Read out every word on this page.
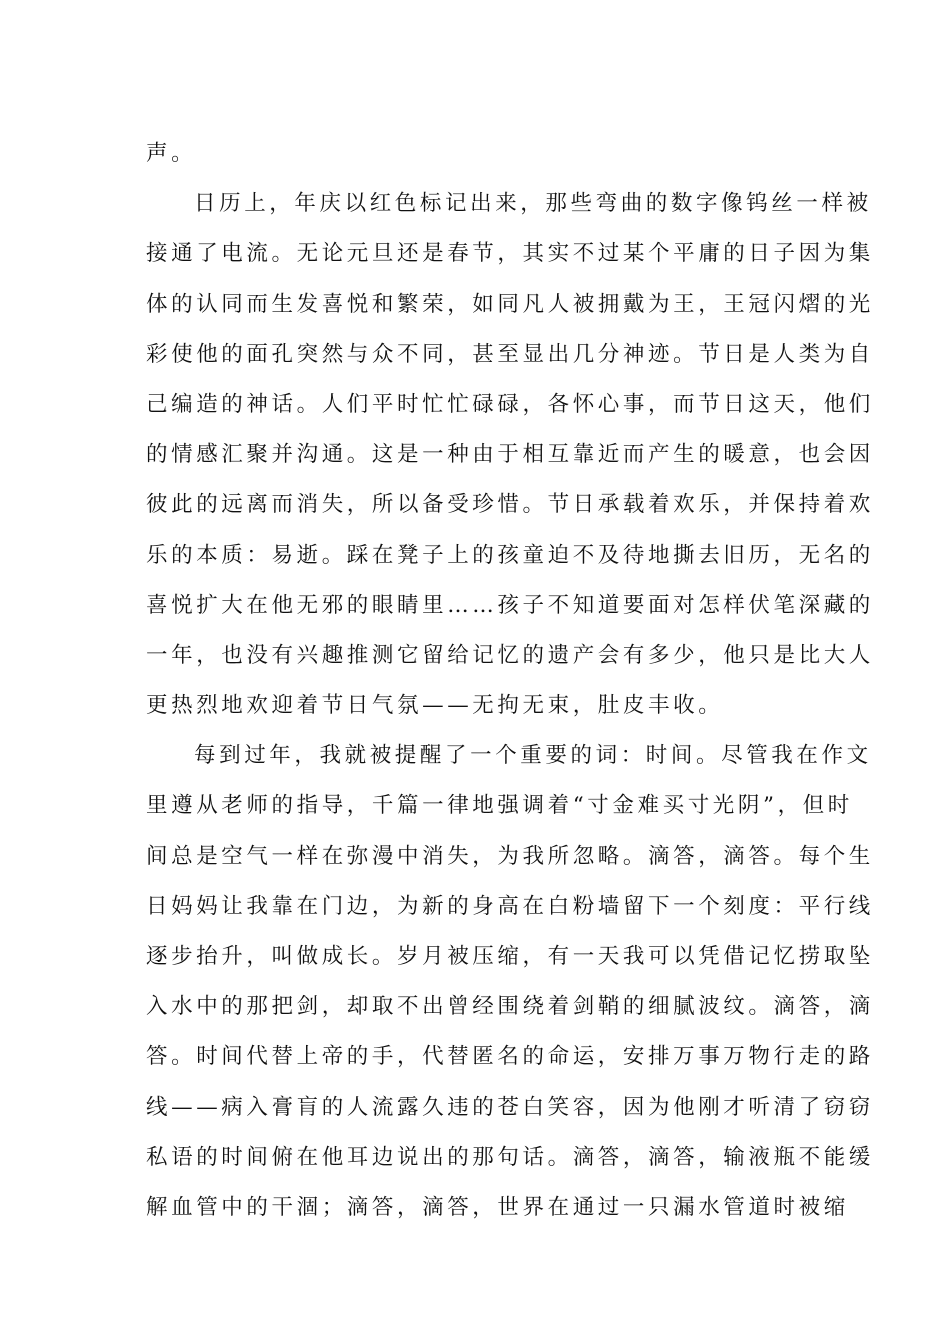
声。
日历上，年庆以红色标记出来，那些弯曲的数字像钨丝一样被
接通了电流。无论元旦还是春节，其实不过某个平庸的日子因为集
体的认同而生发喜悦和繁荣，如同凡人被拥戴为王，王冠闪熠的光
彩使他的面孔突然与众不同，甚至显出几分神迹。节日是人类为自
己编造的神话。人们平时忙忙碌碌，各怀心事，而节日这天，他们
的情感汇聚并沟通。这是一种由于相互靠近而产生的暖意，也会因
彼此的远离而消失，所以备受珍惜。节日承载着欢乐，并保持着欢
乐的本质：易逝。踩在凳子上的孩童迫不及待地撕去旧历，无名的
喜悦扩大在他无邪的眼睛里……孩子不知道要面对怎样伏笔深藏的
一年，也没有兴趣推测它留给记忆的遗产会有多少，他只是比大人
更热烈地欢迎着节日气氛——无拘无束，肚皮丰收。
每到过年，我就被提醒了一个重要的词：时间。尽管我在作文
里遵从老师的指导，千篇一律地强调着“寸金难买寸光阴”，但时
间总是空气一样在弥漫中消失，为我所忽略。滴答，滴答。每个生
日妈妈让我靠在门边，为新的身高在白粉墙留下一个刻度：平行线
逐步抬升，叫做成长。岁月被压缩，有一天我可以凭借记忆捞取坠
入水中的那把剑，却取不出曾经围绕着剑鞘的细腻波纹。滴答，滴
答。时间代替上帝的手，代替匿名的命运，安排万事万物行走的路
线——病入膏肓的人流露久违的苍白笑容，因为他刚才听清了窃窃
私语的时间俯在他耳边说出的那句话。滴答，滴答，输液瓶不能缓
解血管中的干涸；滴答，滴答，世界在通过一只漏水管道时被缩
